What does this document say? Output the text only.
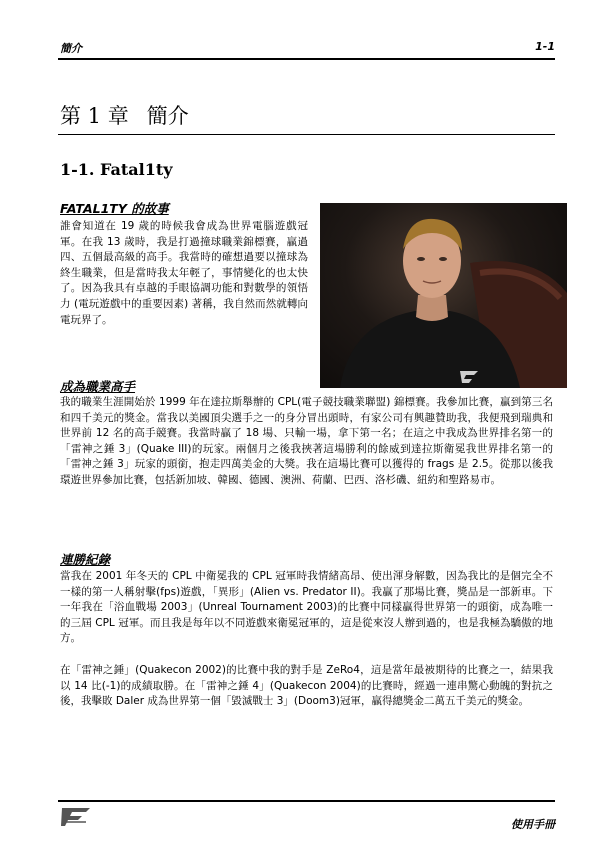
簡介	1-1
第 1 章 簡介
1-1. Fatal1ty
FATAL1TY 的故事
誰會知道在 19 歲的時候我會成為世界電腦遊戲冠軍。在我 13 歲時，我是打過撞球職業錦標賽，贏過四、五個最高級的高手。我當時的確想過要以撞球為終生職業，但是當時我太年輕了，事情變化的也太快了。因為我具有卓越的手眼協調功能和對數學的領悟力 (電玩遊戲中的重要因素) 著稱，我自然而然就轉向電玩界了。
成為職業高手
我的職業生涯開始於 1999 年在達拉斯舉辦的 CPL(電子競技職業聯盟) 錦標賽。我參加比賽，贏到第三名和四千美元的獎金。當我以美國頂尖選手之一的身分冒出頭時，有家公司有興趣贊助我，我便飛到瑞典和世界前 12 名的高手競賽。我當時贏了 18 場、只輸一場，拿下第一名；在這之中我成為世界排名第一的「雷神之錘 3」(Quake III)的玩家。兩個月之後我挾著這場勝利的餘威到達拉斯衛冕我世界排名第一的「雷神之錘 3」玩家的頭銜，抱走四萬美金的大獎。我在這場比賽可以獲得的 frags 是 2.5。從那以後我環遊世界參加比賽，包括新加坡、韓國、德國、澳洲、荷蘭、巴西、洛杉磯、紐約和聖路易市。
連勝紀錄
當我在 2001 年冬天的 CPL 中衛冕我的 CPL 冠軍時我情緒高昂、使出渾身解數，因為我比的是個完全不一樣的第一人稱射擊(fps)遊戲，「異形」(Alien vs. Predator II)。我贏了那場比賽，獎品是一部新車。下一年我在「浴血戰場 2003」(Unreal Tournament 2003)的比賽中同樣贏得世界第一的頭銜，成為唯一的三屆 CPL 冠軍。而且我是每年以不同遊戲來衛冕冠軍的，這是從來沒人辦到過的，也是我極為驕傲的地方。
在「雷神之錘」(Quakecon 2002)的比賽中我的對手是 ZeRo4，這是當年最被期待的比賽之一，結果我以 14 比(-1)的成績取勝。在「雷神之錘 4」(Quakecon 2004)的比賽時，經過一連串驚心動魄的對抗之後，我擊敗 Daler 成為世界第一個「毀滅戰士 3」(Doom3)冠軍，贏得總獎金二萬五千美元的獎金。
使用手冊
